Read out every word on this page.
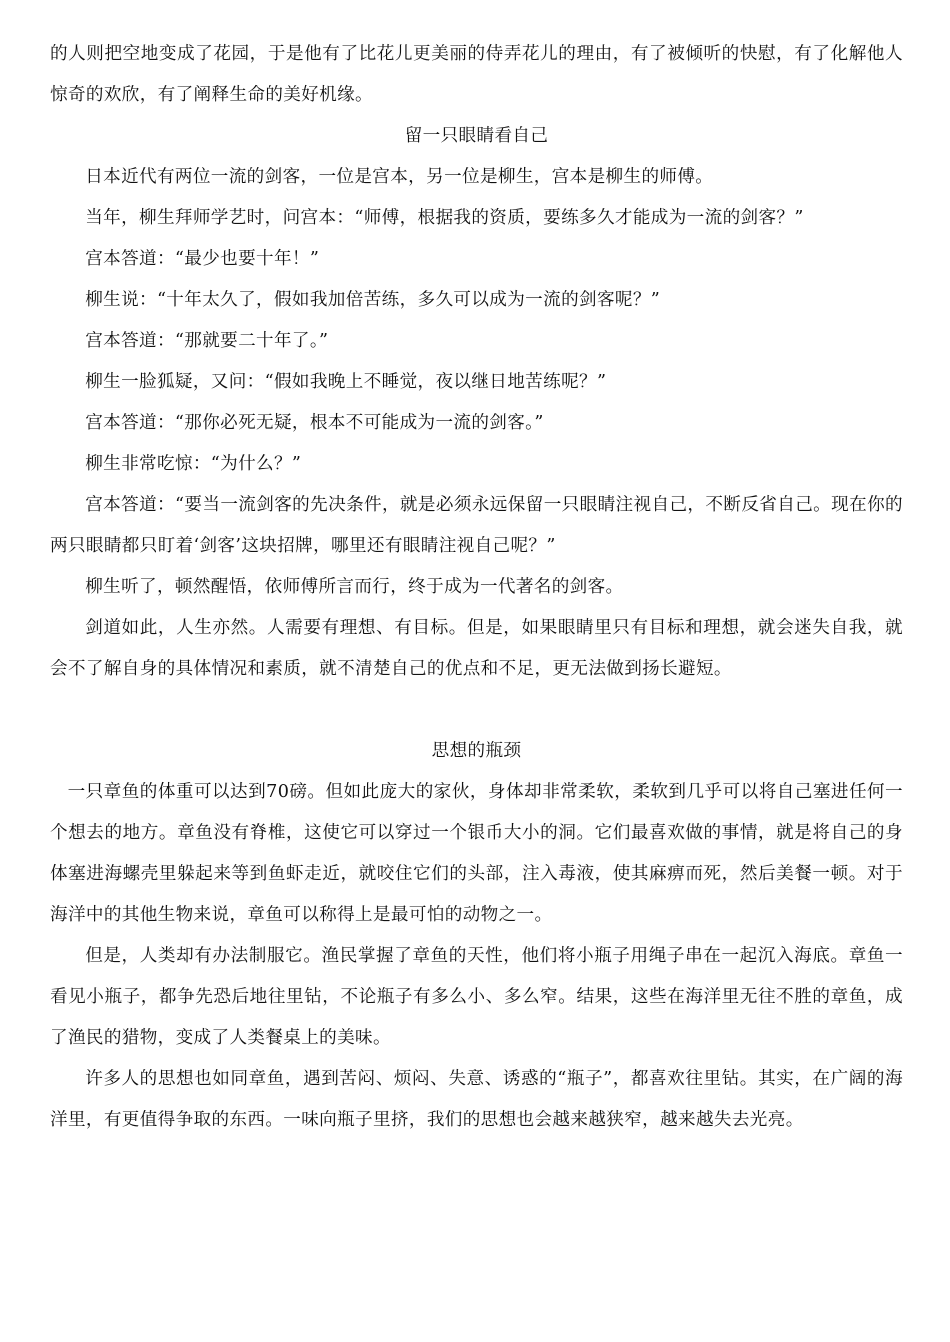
的人则把空地变成了花园，于是他有了比花儿更美丽的侍弄花儿的理由，有了被倾听的快慰，有了化解他人惊奇的欢欣，有了阐释生命的美好机缘。

留一只眼睛看自己

日本近代有两位一流的剑客，一位是宫本，另一位是柳生，宫本是柳生的师傅。

当年，柳生拜师学艺时，问宫本：“师傅，根据我的资质，要练多久才能成为一流的剑客？”

宫本答道：“最少也要十年！”

柳生说：“十年太久了，假如我加倍苦练，多久可以成为一流的剑客呢？”

宫本答道：“那就要二十年了。”

柳生一脸狐疑，又问：“假如我晚上不睡觉，夜以继日地苦练呢？”

宫本答道：“那你必死无疑，根本不可能成为一流的剑客。”

柳生非常吃惊：“为什么？”

宫本答道：“要当一流剑客的先决条件，就是必须永远保留一只眼睛注视自己，不断反省自己。现在你的两只眼睛都只盯着‘剑客’这块招牌，哪里还有眼睛注视自己呢？”

柳生听了，顿然醒悟，依师傅所言而行，终于成为一代著名的剑客。

剑道如此，人生亦然。人需要有理想、有目标。但是，如果眼睛里只有目标和理想，就会迷失自我，就会不了解自身的具体情况和素质，就不清楚自己的优点和不足，更无法做到扬长避短。

思想的瓶颈

一只章鱼的体重可以达到70磅。但如此庞大的家伙，身体却非常柔软，柔软到几乎可以将自己塞进任何一个想去的地方。章鱼没有脊椎，这使它可以穿过一个银币大小的洞。它们最喜欢做的事情，就是将自己的身体塞进海螺壳里躲起来等到鱼虾走近，就咬住它们的头部，注入毒液，使其麻痹而死，然后美餐一顿。对于海洋中的其他生物来说，章鱼可以称得上是最可怕的动物之一。

但是，人类却有办法制服它。渔民掌握了章鱼的天性，他们将小瓶子用绳子串在一起沉入海底。章鱼一看见小瓶子，都争先恐后地往里钻，不论瓶子有多么小、多么窄。结果，这些在海洋里无往不胜的章鱼，成了渔民的猎物，变成了人类餐桌上的美味。

许多人的思想也如同章鱼，遇到苦闷、烦闷、失意、诱惑的“瓶子”，都喜欢往里钻。其实，在广阔的海洋里，有更值得争取的东西。一味向瓶子里挤，我们的思想也会越来越狭窄，越来越失去光亮。
